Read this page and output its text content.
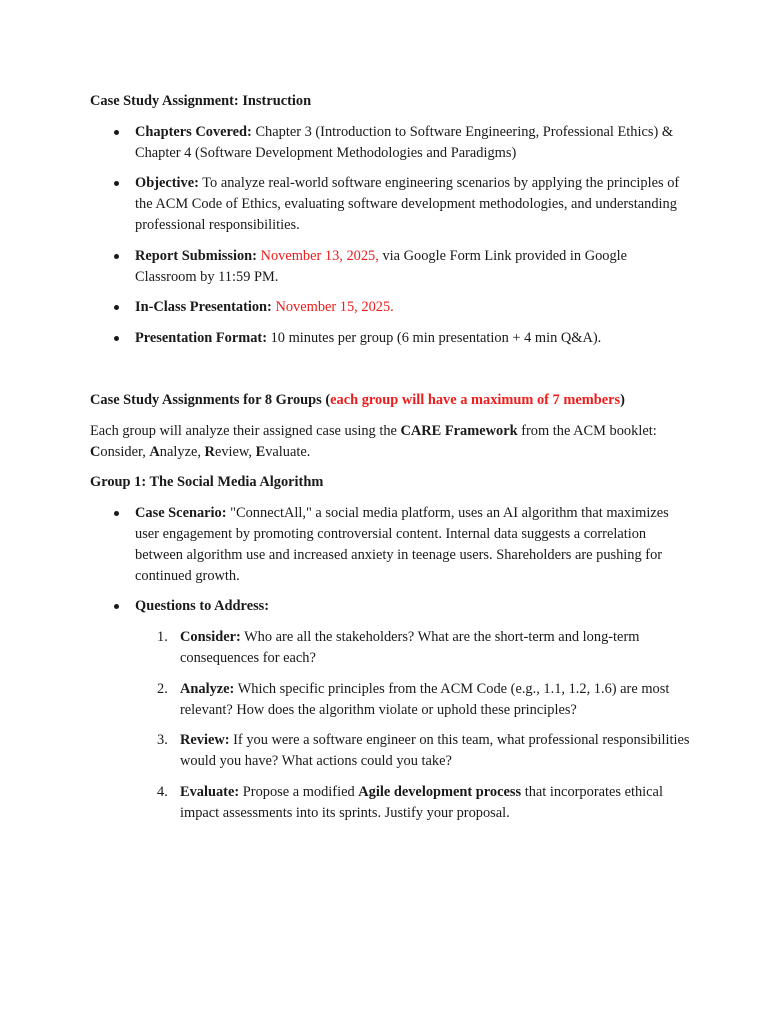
Case Study Assignment: Instruction

Chapters Covered: Chapter 3 (Introduction to Software Engineering, Professional Ethics) & Chapter 4 (Software Development Methodologies and Paradigms)
Objective: To analyze real-world software engineering scenarios by applying the principles of the ACM Code of Ethics, evaluating software development methodologies, and understanding professional responsibilities.
Report Submission: November 13, 2025, via Google Form Link provided in Google Classroom by 11:59 PM.
In-Class Presentation: November 15, 2025.
Presentation Format: 10 minutes per group (6 min presentation + 4 min Q&A).

Case Study Assignments for 8 Groups (each group will have a maximum of 7 members)

Each group will analyze their assigned case using the CARE Framework from the ACM booklet: Consider, Analyze, Review, Evaluate.

Group 1: The Social Media Algorithm

Case Scenario: "ConnectAll," a social media platform, uses an AI algorithm that maximizes user engagement by promoting controversial content. Internal data suggests a correlation between algorithm use and increased anxiety in teenage users. Shareholders are pushing for continued growth.
Questions to Address:
1. Consider: Who are all the stakeholders? What are the short-term and long-term consequences for each?
2. Analyze: Which specific principles from the ACM Code (e.g., 1.1, 1.2, 1.6) are most relevant? How does the algorithm violate or uphold these principles?
3. Review: If you were a software engineer on this team, what professional responsibilities would you have? What actions could you take?
4. Evaluate: Propose a modified Agile development process that incorporates ethical impact assessments into its sprints. Justify your proposal.
